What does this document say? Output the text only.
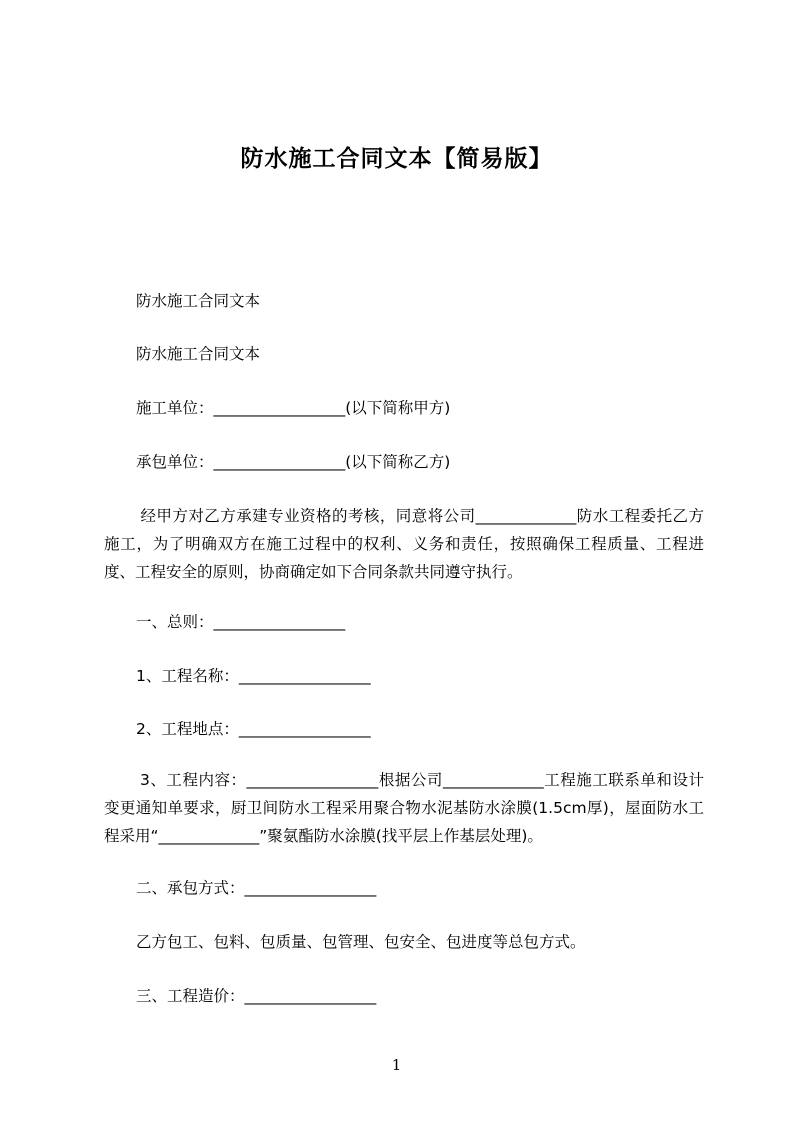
防水施工合同文本【简易版】
防水施工合同文本
防水施工合同文本
施工单位：_________________(以下简称甲方)
承包单位：_________________(以下简称乙方)
经甲方对乙方承建专业资格的考核，同意将公司_____________防水工程委托乙方施工，为了明确双方在施工过程中的权利、义务和责任，按照确保工程质量、工程进度、工程安全的原则，协商确定如下合同条款共同遵守执行。
一、总则：_________________
1、工程名称：_________________
2、工程地点：_________________
3、工程内容：_________________根据公司_____________工程施工联系单和设计变更通知单要求，厨卫间防水工程采用聚合物水泥基防水涂膜(1.5cm厚)，屋面防水工程采用“_____________”聚氨酯防水涂膜(找平层上作基层处理)。
二、承包方式：_________________
乙方包工、包料、包质量、包管理、包安全、包进度等总包方式。
三、工程造价：_________________
1
